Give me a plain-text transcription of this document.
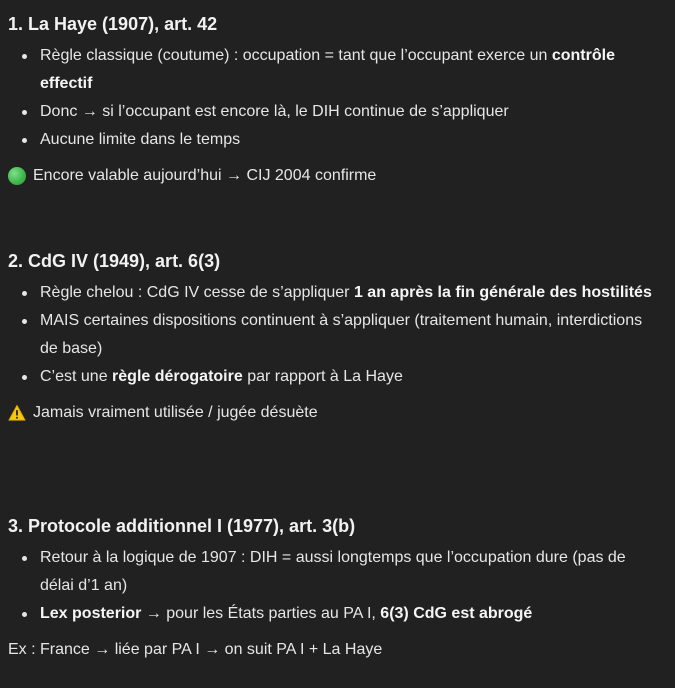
1. La Haye (1907), art. 42
Règle classique (coutume) : occupation = tant que l’occupant exerce un contrôle effectif
Donc → si l’occupant est encore là, le DIH continue de s’appliquer
Aucune limite dans le temps
Encore valable aujourd’hui → CIJ 2004 confirme
2. CdG IV (1949), art. 6(3)
Règle chelou : CdG IV cesse de s’appliquer 1 an après la fin générale des hostilités
MAIS certaines dispositions continuent à s’appliquer (traitement humain, interdictions de base)
C’est une règle dérogatoire par rapport à La Haye
Jamais vraiment utilisée / jugée désuète
3. Protocole additionnel I (1977), art. 3(b)
Retour à la logique de 1907 : DIH = aussi longtemps que l’occupation dure (pas de délai d’1 an)
Lex posterior → pour les États parties au PA I, 6(3) CdG est abrogé
Ex : France → liée par PA I → on suit PA I + La Haye
